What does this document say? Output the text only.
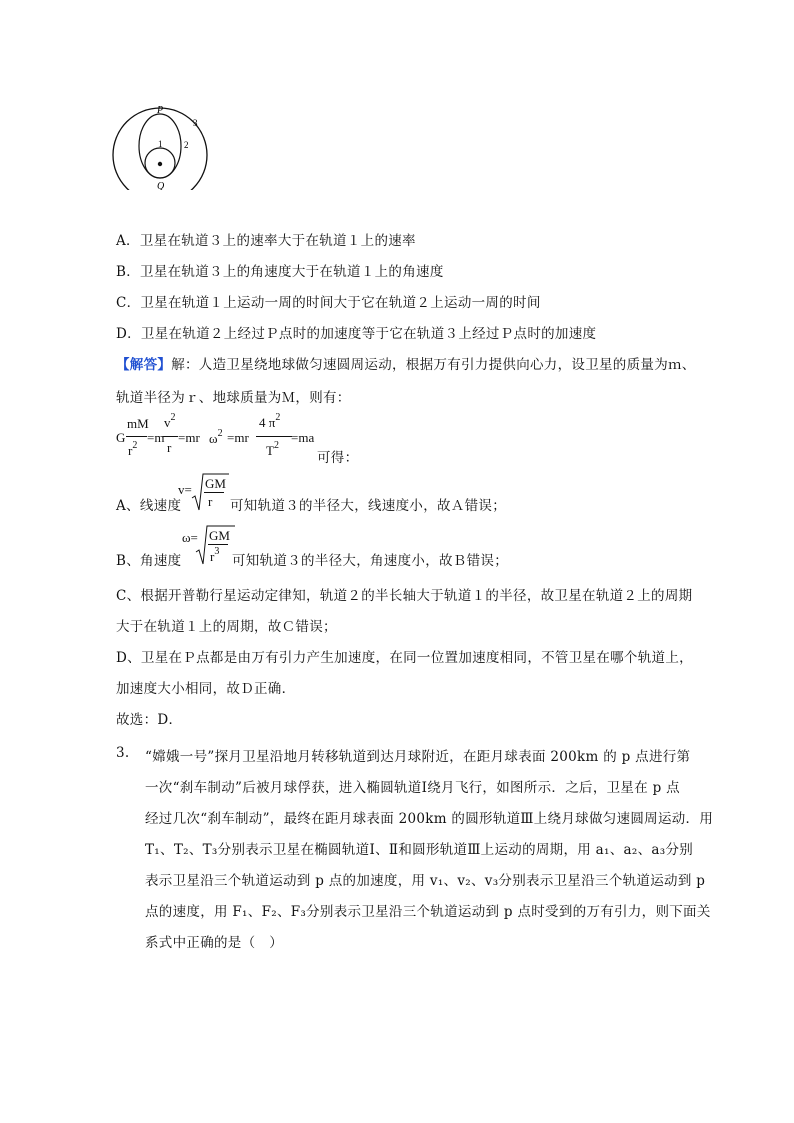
P
Q
1 2
3
A．卫星在轨道３上的速率大于在轨道１上的速率
B．卫星在轨道３上的角速度大于在轨道１上的角速度
C．卫星在轨道１上运动一周的时间大于它在轨道２上运动一周的时间
D．卫星在轨道２上经过Ｐ点时的加速度等于它在轨道３上经过Ｐ点时的加速度
【解答】解：人造卫星绕地球做匀速圆周运动，根据万有引力提供向心力，设卫星的质量为ｍ、
轨道半径为ｒ、地球质量为Ｍ，则有：
G
mM
$r^2$
=m
$v^2$
r
=mr $\omega^2 =mr$
4 $\pi^2$
$T^2$
=ma
可得：
A、线速度
v= GM
r 可知轨道３的半径大，线速度小，故Ａ错误；
B、角速度
ω= GM
$r^3$
可知轨道３的半径大，角速度小，故Ｂ错误；
C、根据开普勒行星运动定律知，轨道２的半长轴大于轨道１的半径，故卫星在轨道２上的周期
大于在轨道１上的周期，故Ｃ错误；
D、卫星在Ｐ点都是由万有引力产生加速度，在同一位置加速度相同，不管卫星在哪个轨道上，
加速度大小相同，故Ｄ正确．
故选：D．
3. “嫦娥一号”探月卫星沿地月转移轨道到达月球附近，在距月球表面 200km 的 p 点进行第
一次“刹车制动”后被月球俘获，进入椭圆轨道Ⅰ绕月飞行，如图所示．之后，卫星在 p 点
经过几次“刹车制动”，最终在距月球表面 200km 的圆形轨道Ⅲ上绕月球做匀速圆周运动．用
T₁、T₂、T₃分别表示卫星在椭圆轨道Ⅰ、Ⅱ和圆形轨道Ⅲ上运动的周期，用 a₁、a₂、a₃分别
表示卫星沿三个轨道运动到 p 点的加速度，用 v₁、v₂、v₃分别表示卫星沿三个轨道运动到 p
点的速度，用 F₁、F₂、F₃分别表示卫星沿三个轨道运动到 p 点时受到的万有引力，则下面关
系式中正确的是（　）
